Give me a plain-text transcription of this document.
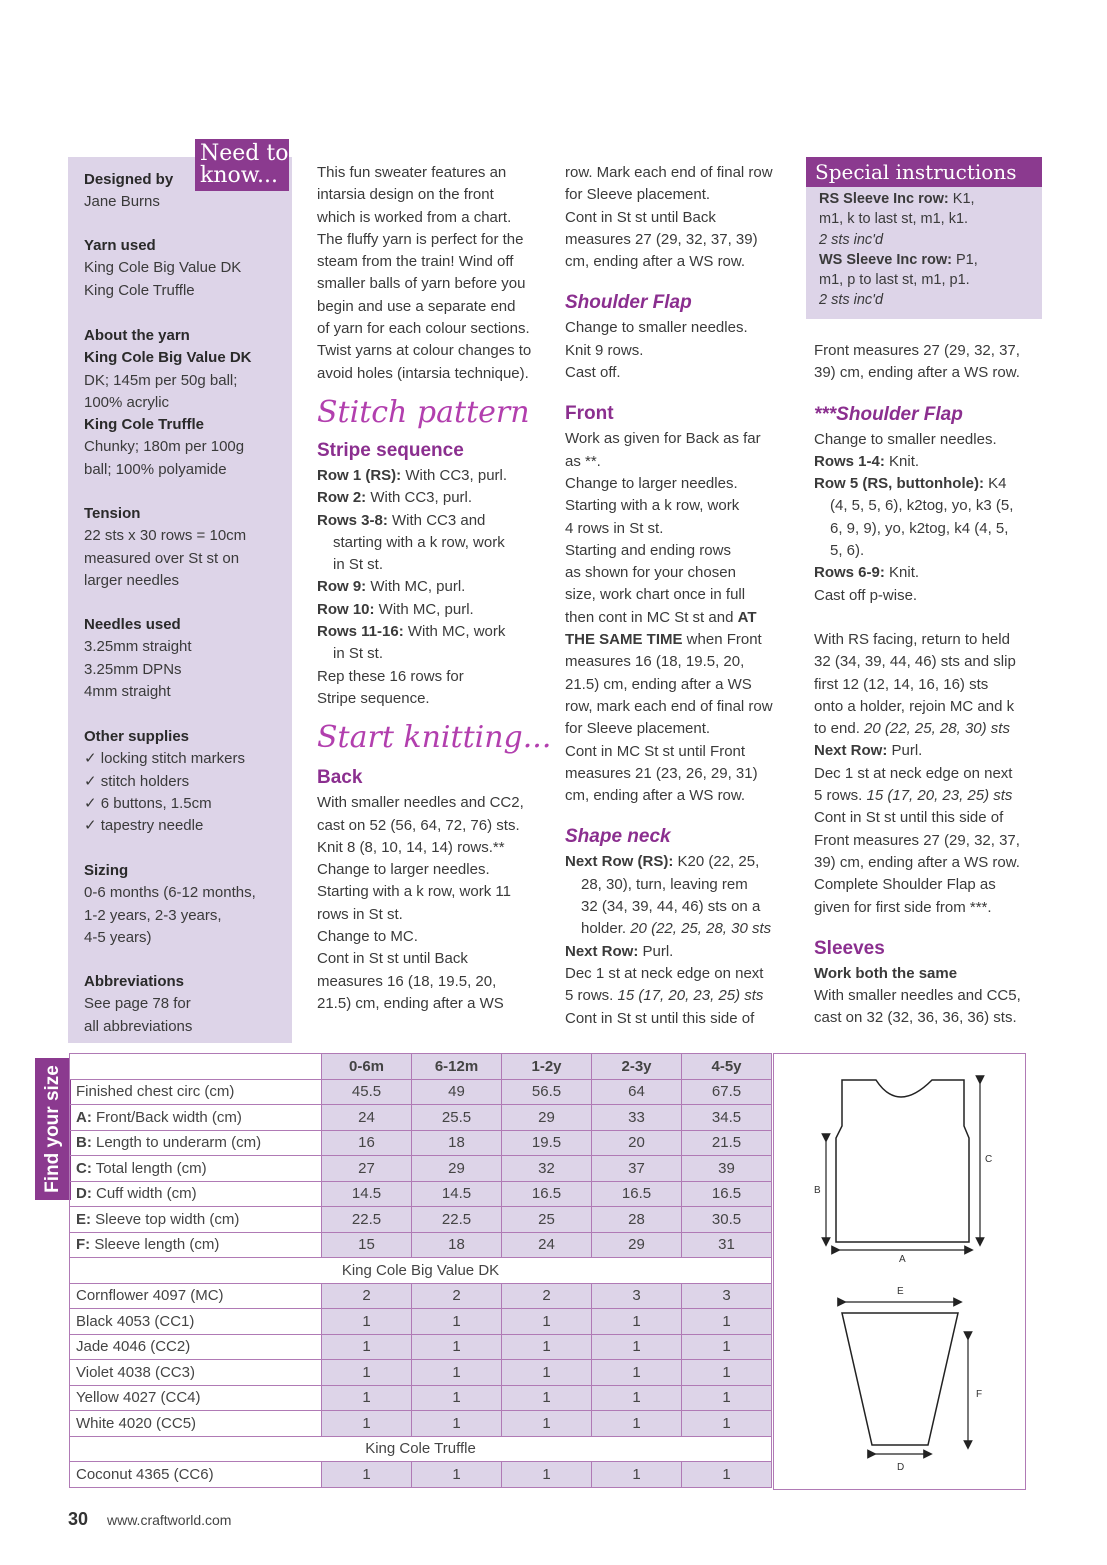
Need to
know...
Designed by
Jane Burns
Yarn used
King Cole Big Value DK
King Cole Truffle
About the yarn
King Cole Big Value DK
DK; 145m per 50g ball;
100% acrylic
King Cole Truffle
Chunky; 180m per 100g
ball; 100% polyamide
Tension
22 sts x 30 rows = 10cm
measured over St st on
larger needles
Needles used
3.25mm straight
3.25mm DPNs
4mm straight
Other supplies
✓ locking stitch markers
✓ stitch holders
✓ 6 buttons, 1.5cm
✓ tapestry needle
Sizing
0-6 months (6-12 months,
1-2 years, 2-3 years,
4-5 years)
Abbreviations
See page 78 for
all abbreviations

This fun sweater features an

intarsia design on the front

which is worked from a chart.

The fluffy yarn is perfect for the

steam from the train! Wind off

smaller balls of yarn before you

begin and use a separate end

of yarn for each colour sections.

Twist yarns at colour changes to

avoid holes (intarsia technique).

Stitch pattern

Stripe sequence

Row 1 (RS): With CC3, purl.

Row 2: With CC3, purl.

Rows 3-8: With CC3 and

starting with a k row, work

in St st.

Row 9: With MC, purl.

Row 10: With MC, purl.

Rows 11-16: With MC, work

in St st.

Rep these 16 rows for

Stripe sequence.

Start knitting...

Back

With smaller needles and CC2,

cast on 52 (56, 64, 72, 76) sts.

Knit 8 (8, 10, 14, 14) rows.**

Change to larger needles.

Starting with a k row, work 11

rows in St st.

Change to MC.

Cont in St st until Back

measures 16 (18, 19.5, 20,

21.5) cm, ending after a WS

row. Mark each end of final row

for Sleeve placement.

Cont in St st until Back

measures 27 (29, 32, 37, 39)

cm, ending after a WS row.

Shoulder Flap

Change to smaller needles.

Knit 9 rows.

Cast off.

Front

Work as given for Back as far

as **.

Change to larger needles.

Starting with a k row, work

4 rows in St st.

Starting and ending rows

as shown for your chosen

size, work chart once in full

then cont in MC St st and AT

THE SAME TIME when Front

measures 16 (18, 19.5, 20,

21.5) cm, ending after a WS

row, mark each end of final row

for Sleeve placement.

Cont in MC St st until Front

measures 21 (23, 26, 29, 31)

cm, ending after a WS row.

Shape neck

Next Row (RS): K20 (22, 25,

28, 30), turn, leaving rem

32 (34, 39, 44, 46) sts on a

holder. 20 (22, 25, 28, 30 sts

Next Row: Purl.

Dec 1 st at neck edge on next

5 rows. 15 (17, 20, 23, 25) sts

Cont in St st until this side of

Special instructions

RS Sleeve Inc row: K1,

m1, k to last st, m1, k1.

2 sts inc'd

WS Sleeve Inc row: P1,

m1, p to last st, m1, p1.

2 sts inc'd

Front measures 27 (29, 32, 37,

39) cm, ending after a WS row.

***Shoulder Flap

Change to smaller needles.

Rows 1-4: Knit.

Row 5 (RS, buttonhole): K4

(4, 5, 5, 6), k2tog, yo, k3 (5,

6, 9, 9), yo, k2tog, k4 (4, 5,

5, 6).

Rows 6-9: Knit.

Cast off p-wise.

With RS facing, return to held

32 (34, 39, 44, 46) sts and slip

first 12 (12, 14, 16, 16) sts

onto a holder, rejoin MC and k

to end. 20 (22, 25, 28, 30) sts

Next Row: Purl.

Dec 1 st at neck edge on next

5 rows. 15 (17, 20, 23, 25) sts

Cont in St st until this side of

Front measures 27 (29, 32, 37,

39) cm, ending after a WS row.

Complete Shoulder Flap as

given for first side from ***.

Sleeves

Work both the same

With smaller needles and CC5,

cast on 32 (32, 36, 36, 36) sts.

Find your size
		0-6m	6-12m	1-2y	2-3y	4-5y
Finished chest circ (cm)	45.5	49	56.5	64	67.5
A: Front/Back width (cm)	24	25.5	29	33	34.5
B: Length to underarm (cm)	16	18	19.5	20	21.5
C: Total length (cm)	27	29	32	37	39
D: Cuff width (cm)	14.5	14.5	16.5	16.5	16.5
E: Sleeve top width (cm)	22.5	22.5	25	28	30.5
F: Sleeve length (cm)	15	18	24	29	31
King Cole Big Value DK					
Cornflower 4097 (MC)	2	2	2	3	3
Black 4053 (CC1)	1	1	1	1	1
Jade 4046 (CC2)	1	1	1	1	1
Violet 4038 (CC3)	1	1	1	1	1
Yellow 4027 (CC4)	1	1	1	1	1
White 4020 (CC5)	1	1	1	1	1
King Cole Truffle					
Coconut 4365 (CC6)	1	1	1	1	1
B
C
A
E
F
D
30 www.craftworld.com
